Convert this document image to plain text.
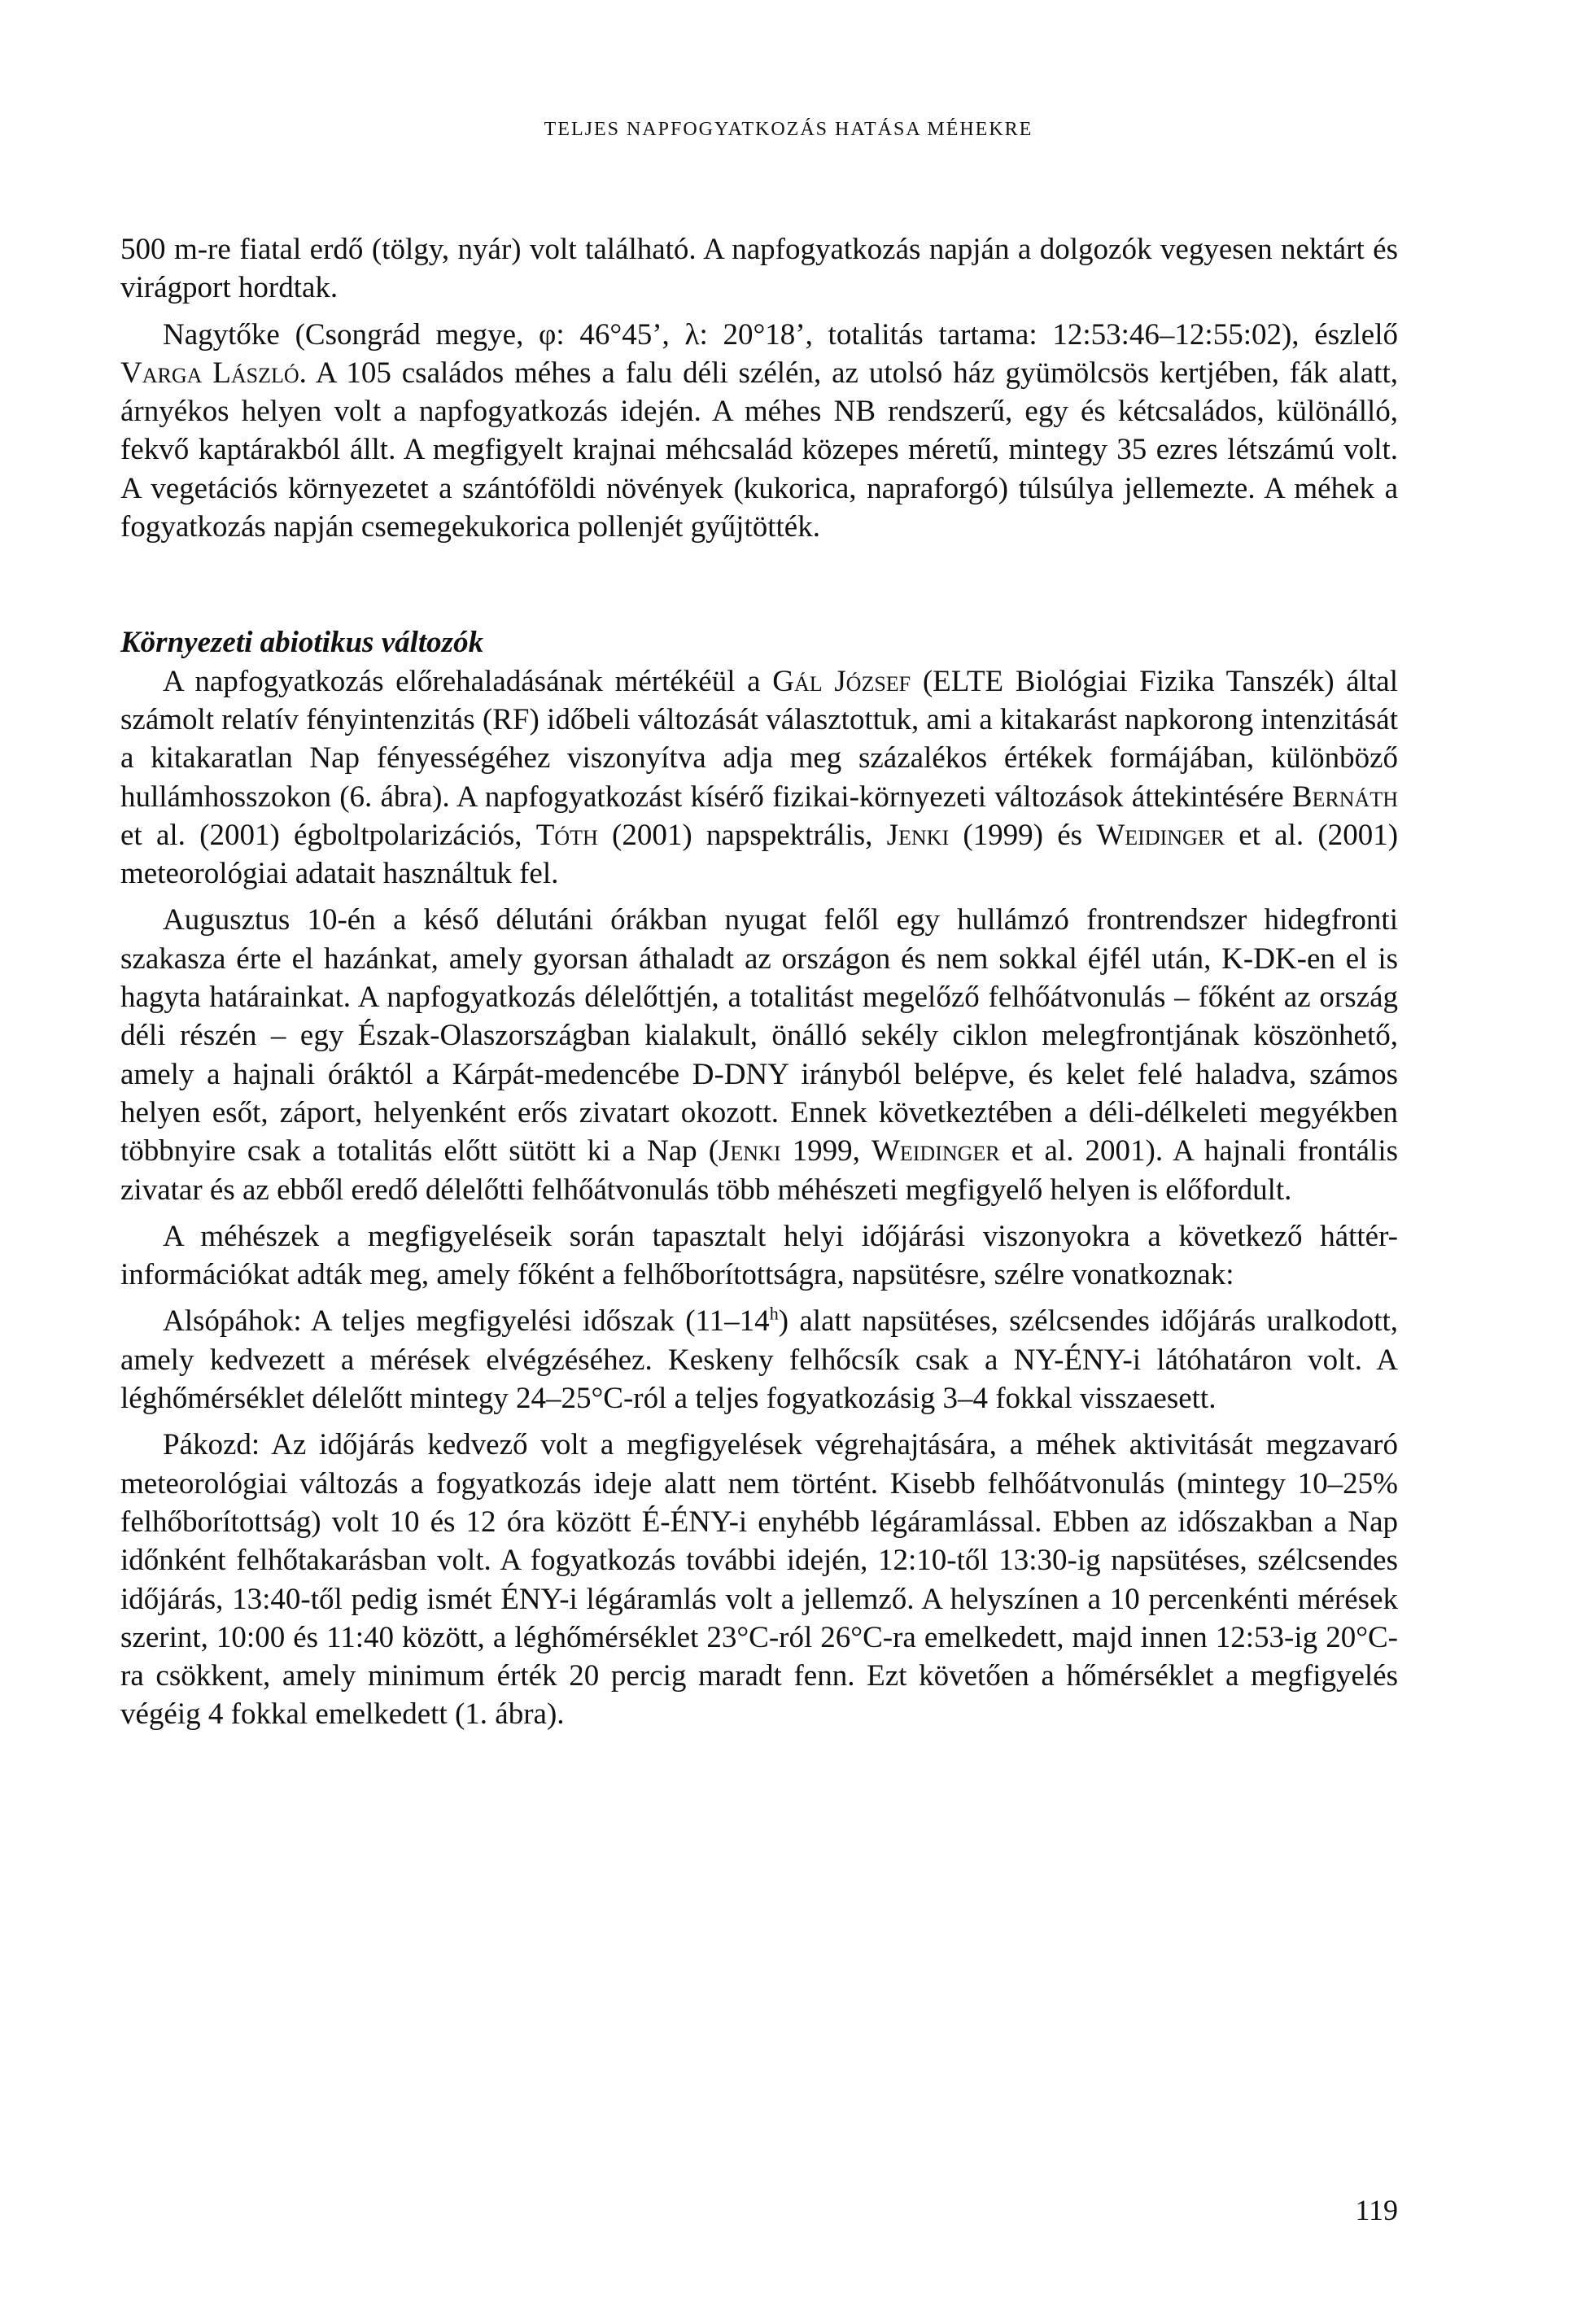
TELJES NAPFOGYATKOZÁS HATÁSA MÉHEKRE

500 m-re fiatal erdő (tölgy, nyár) volt található. A napfogyatkozás napján a dolgozók vegyesen nektárt és virágport hordtak.

Nagytőke (Csongrád megye, φ: 46°45’, λ: 20°18’, totalitás tartama: 12:53:46–12:55:02), észlelő Varga László. A 105 családos méhes a falu déli szélén, az utolsó ház gyümölcsös kertjében, fák alatt, árnyékos helyen volt a napfogyatkozás idején. A méhes NB rendszerű, egy és kétcsaládos, különálló, fekvő kaptárakból állt. A megfigyelt krajnai méhcsalád közepes méretű, mintegy 35 ezres létszámú volt. A vegetációs környezetet a szántóföldi növények (kukorica, napraforgó) túlsúlya jellemezte. A méhek a fogyatkozás napján csemegekukorica pollenjét gyűjtötték.

Környezeti abiotikus változók

A napfogyatkozás előrehaladásának mértékéül a Gál József (ELTE Biológiai Fizika Tanszék) által számolt relatív fényintenzitás (RF) időbeli változását választottuk, ami a kitakarást napkorong intenzitását a kitakaratlan Nap fényességéhez viszonyítva adja meg százalékos értékek formájában, különböző hullámhosszokon (6. ábra). A napfogyatkozást kísérő fizikai-környezeti változások áttekintésére Bernáth et al. (2001) égboltpolarizációs, Tóth (2001) napspektrális, Jenki (1999) és Weidinger et al. (2001) meteorológiai adatait használtuk fel.

Augusztus 10-én a késő délutáni órákban nyugat felől egy hullámzó frontrendszer hidegfronti szakasza érte el hazánkat, amely gyorsan áthaladt az országon és nem sokkal éjfél után, K-DK-en el is hagyta határainkat. A napfogyatkozás délelőttjén, a totalitást megelőző felhőátvonulás – főként az ország déli részén – egy Észak-Olaszországban kialakult, önálló sekély ciklon melegfrontjának köszönhető, amely a hajnali óráktól a Kárpát-medencébe D-DNY irányból belépve, és kelet felé haladva, számos helyen esőt, záport, helyenként erős zivatart okozott. Ennek következtében a déli-délkeleti megyékben többnyire csak a totalitás előtt sütött ki a Nap (Jenki 1999, Weidinger et al. 2001). A hajnali frontális zivatar és az ebből eredő délelőtti felhőátvonulás több méhészeti megfigyelő helyen is előfordult.

A méhészek a megfigyeléseik során tapasztalt helyi időjárási viszonyokra a következő háttér-információkat adták meg, amely főként a felhőborítottságra, napsütésre, szélre vonatkoznak:

Alsópáhok: A teljes megfigyelési időszak (11–14$^h$) alatt napsütéses, szélcsendes időjárás uralkodott, amely kedvezett a mérések elvégzéséhez. Keskeny felhőcsík csak a NY-ÉNY-i látóhatáron volt. A léghőmérséklet délelőtt mintegy 24–25°C-ról a teljes fogyatkozásig 3–4 fokkal visszaesett.

Pákozd: Az időjárás kedvező volt a megfigyelések végrehajtására, a méhek aktivitását megzavaró meteorológiai változás a fogyatkozás ideje alatt nem történt. Kisebb felhőátvonulás (mintegy 10–25% felhőborítottság) volt 10 és 12 óra között É-ÉNY-i enyhébb légáramlással. Ebben az időszakban a Nap időnként felhőtakarásban volt. A fogyatkozás további idején, 12:10-től 13:30-ig napsütéses, szélcsendes időjárás, 13:40-től pedig ismét ÉNY-i légáramlás volt a jellemző. A helyszínen a 10 percenkénti mérések szerint, 10:00 és 11:40 között, a léghőmérséklet 23°C-ról 26°C-ra emelkedett, majd innen 12:53-ig 20°C-ra csökkent, amely minimum érték 20 percig maradt fenn. Ezt követően a hőmérséklet a megfigyelés végéig 4 fokkal emelkedett (1. ábra).

119
